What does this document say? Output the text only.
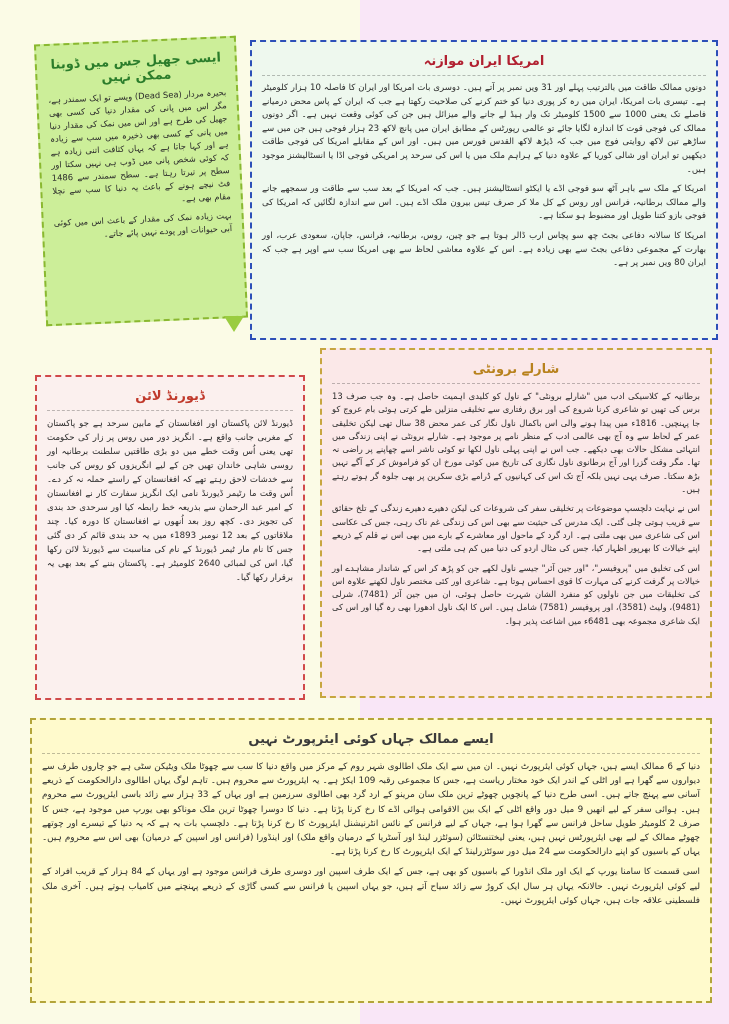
امریکا ایران موازنہ

دونوں ممالک طاقت میں بالترتیب پہلے اور 31 ویں نمبر پر آتے ہیں۔ دوسری بات امریکا اور ایران کا فاصلہ 10 ہزار کلومیٹر ہے۔ تیسری بات امریکا، ایران میں رہ کر پوری دنیا کو ختم کرنے کی صلاحیت رکھتا ہے جب کہ ایران کے پاس محض درمیانے فاصلے تک یعنی 1000 سے 1500 کلومیٹر تک وار ہیڈ لے جانے والے میزائل ہیں جن کی کوئی وقعت نہیں ہے۔ اگر دونوں ممالک کی فوجی قوت کا اندازہ لگایا جائے تو عالمی رپورٹس کے مطابق ایران میں پانچ لاکھ 23 ہزار فوجی ہیں جن میں سے ساڑھے تین لاکھ روایتی فوج میں جب کہ ڈیڑھ لاکھ القدس فورس میں ہیں۔ اور اس کے مقابلے امریکا کی فوجی طاقت دیکھیں تو ایران اور شالی کوریا کے علاوہ دنیا کے ہراہم ملک میں یا اس کی سرحد پر امریکی فوجی اڈا یا انسٹالیشنز موجود ہیں۔

امریکا کے ملک سے باہر آٹھ سو فوجی اڈے یا ایکٹو انسٹالیشنز ہیں۔ جب کہ امریکا کے بعد سب سے طاقت ور سمجھے جانے والے ممالک برطانیہ، فرانس اور روس کے کل ملا کر صرف تیس بیرون ملک اڈے ہیں۔ اس سے اندازہ لگائیں کہ امریکا کی فوجی بازو کتنا طویل اور مضبوط ہو سکتا ہے۔

امریکا کا سالانہ دفاعی بجٹ چھ سو پچاس ارب ڈالر ہوتا ہے جو چین، روس، برطانیہ، فرانس، جاپان، سعودی عرب، اور بھارت کے مجموعی دفاعی بجٹ سے بھی زیادہ ہے۔ اس کے علاوہ معاشی لحاظ سے بھی امریکا سب سے اوپر ہے جب کہ ایران 80 ویں نمبر پر ہے۔

ایسی جھیل جس میں ڈوبنا ممکن نہیں

بحیرہ مردار (Dead Sea) ویسے تو ایک سمندر ہے، مگر اس میں پانی کی مقدار دنیا کی کسی بھی جھیل کی طرح ہے اور اس میں نمک کی مقدار دنیا میں پانی کے کسی بھی ذخیرہ میں سب سے زیادہ ہے اور کہا جاتا ہے کہ یہاں کثافت اتنی زیادہ ہے کہ کوئی شخص پانی میں ڈوب ہی نہیں سکتا اور سطح پر تیرتا رہتا ہے۔ سطح سمندر سے 1486 فٹ نیچے ہونے کے باعث یہ دنیا کا سب سے نچلا مقام بھی ہے۔

بہت زیادہ نمک کی مقدار کے باعث اس میں کوئی آبی حیوانات اور پودے نہیں پائے جاتے۔

شارلے برونٹی

برطانیہ کے کلاسیکی ادب میں "شارلے برونٹی" کے ناول کو کلیدی اہمیت حاصل ہے۔ وہ جب صرف 13 برس کی تھیں تو شاعری کرنا شروع کی اور برق رفتاری سے تخلیقی منزلیں طے کرتی ہوئی بام عروج کو جا پہنچیں۔ 1816ء میں پیدا ہونے والی اس باکمال ناول نگار کی عمر محض 38 سال تھی لیکن تخلیقی عمر کے لحاظ سے وہ آج بھی عالمی ادب کے منظر نامے پر موجود ہے۔ شارلے برونٹی نے اپنی زندگی میں انتہائی مشکل حالات بھی دیکھے۔ جب اس نے اپنی پہلی ناول لکھا تو کوئی ناشر اسے چھاپنے پر راضی نہ تھا۔ مگر وقت گزرا اور آج برطانوی ناول نگاری کی تاریخ میں کوئی مورخ ان کو فراموش کر کے آگے نہیں بڑھ سکتا۔ صرف یہی نہیں بلکہ آج تک اس کی کہانیوں کے ڈرامے بڑی سکرین پر بھی جلوہ گر ہوتے رہتے ہیں۔

اس نے نہایت دلچسپ موضوعات پر تخلیقی سفر کی شروعات کی لیکن دھیرے دھیرے زندگی کے تلخ حقائق سے قریب ہوتی چلی گئی۔ ایک مدرس کی حیثیت سے بھی اس کی زندگی غم ناک رہی، جس کی عکاسی اس کی شاعری میں بھی ملتی ہے۔ ارد گرد کے ماحول اور معاشرے کے بارے میں بھی اس نے قلم کے ذریعے اپنے خیالات کا بھرپور اظہار کیا، جس کی مثال اردو کی دنیا میں کم ہی ملتی ہے۔

اس کی تخلیق میں "پروفیسر"، "اور جین آئر" جیسے ناول لکھے جن کو پڑھ کر اس کے شاندار مشاہدے اور خیالات پر گرفت کرنے کی مہارت کا قوی احساس ہوتا ہے۔ شاعری اور کئی مختصر ناول لکھنے علاوہ اس کی تخلیقات میں جن ناولوں کو منفرد الشان شہرت حاصل ہوئی، ان میں جین آئر (7481)، شرلی (9481)، ولیٹ (3581)، اور پروفیسر (7581) شامل ہیں۔ اس کا ایک ناول ادھورا بھی رہ گیا اور اس کی ایک شاعری مجموعہ بھی 6481ء میں اشاعت پذیر ہوا۔

ڈیورنڈ لائن

ڈیورنڈ لائن پاکستان اور افغانستان کے مابین سرحد ہے جو پاکستان کے مغربی جانب واقع ہے۔ انگریز دور میں روس پر زار کی حکومت تھی یعنی اُس وقت خطے میں دو بڑی طاقتیں سلطنت برطانیہ اور روسی شاہی خاندان تھیں جن کے لیے انگریزوں کو روس کی جانب سے خدشات لاحق رہتے تھے کہ افغانستان کے راستے حملہ نہ کر دے۔ اُس وقت ما رٹیمر ڈیورنڈ نامی ایک انگریز سفارت کار نے افغانستان کے امیر عبد الرحمان سے بذریعہ خط رابطہ کیا اور سرحدی حد بندی کی تجویز دی۔ کچھ روز بعد اُنھوں نے افغانستان کا دورہ کیا۔ چند ملاقاتوں کے بعد 12 نومبر 1893ء میں یہ حد بندی قائم کر دی گئی جس کا نام مار ٹیمر ڈیورنڈ کے نام کی مناسبت سے ڈیورنڈ لائن رکھا گیا، اس کی لمبائی 2640 کلومیٹر ہے۔ پاکستان بننے کے بعد بھی یہ برقرار رکھا گیا۔

ایسے ممالک جہاں کوئی ایئرپورٹ نہیں

دنیا کے 6 ممالک ایسے ہیں، جہاں کوئی ایئرپورٹ نہیں۔ ان میں سے ایک ملک اطالوی شہر روم کے مرکز میں واقع دنیا کا سب سے چھوٹا ملک ویٹیکن سٹی ہے جو چاروں طرف سے دیواروں سے گھرا ہے اور اٹلی کے اندر ایک خود مختار ریاست ہے، جس کا مجموعی رقبہ 109 ایکڑ ہے۔ یہ ایئرپورٹ سے محروم ہیں۔ تاہم لوگ یہاں اطالوی دارالحکومت کے ذریعے آسانی سے پہنچ جاتے ہیں۔ اسی طرح دنیا کے پانچویں چھوٹے ترین ملک سان مرینو کے ارد گرد بھی اطالوی سرزمین ہے اور یہاں کے 33 ہزار سے زائد باسی ایئرپورٹ سے محروم ہیں۔ ہوائی سفر کے لیے انھیں 9 میل دور واقع اٹلی کے ایک بین الاقوامی ہوائی اڈے کا رخ کرنا پڑتا ہے۔ دنیا کا دوسرا چھوٹا ترین ملک موناکو بھی یورپ میں موجود ہے، جس کا صرف 2 کلومیٹر طویل ساحل فرانس سے گھرا ہوا ہے، جہاں کے لیے فرانس کے نائس انٹرنیشنل ایئرپورٹ کا رخ کرنا پڑتا ہے۔ دلچسپ بات یہ ہے کہ یہ دنیا کے تیسرے اور چوتھے چھوٹے ممالک کے لیے بھی ایئرپورٹس نہیں ہیں، یعنی لیختنسٹائن (سوئٹزر لینڈ اور آسٹریا کے درمیان واقع ملک) اور اینڈورا (فرانس اور اسپین کے درمیان) بھی اس سے محروم ہیں۔ یہاں کے باسیوں کو اپنے دارالحکومت سے 24 میل دور سوئٹزرلینڈ کے ایک ایئرپورٹ کا رخ کرنا پڑتا ہے۔

اسی قسمت کا سامنا یورپ کے ایک اور ملک انڈورا کے باسیوں کو بھی ہے، جس کے ایک طرف اسپین اور دوسری طرف فرانس موجود ہے اور یہاں کے 84 ہزار کے قریب افراد کے لیے کوئی ایئرپورٹ نہیں۔ حالانکہ یہاں ہر سال ایک کروڑ سے زائد سیاح آتے ہیں، جو یہاں اسپین یا فرانس سے کسی گاڑی کے ذریعے پہنچنے میں کامیاب ہوتے ہیں۔ آخری ملک فلسطینی علاقہ جات ہیں، جہاں کوئی ایئرپورٹ نہیں۔
